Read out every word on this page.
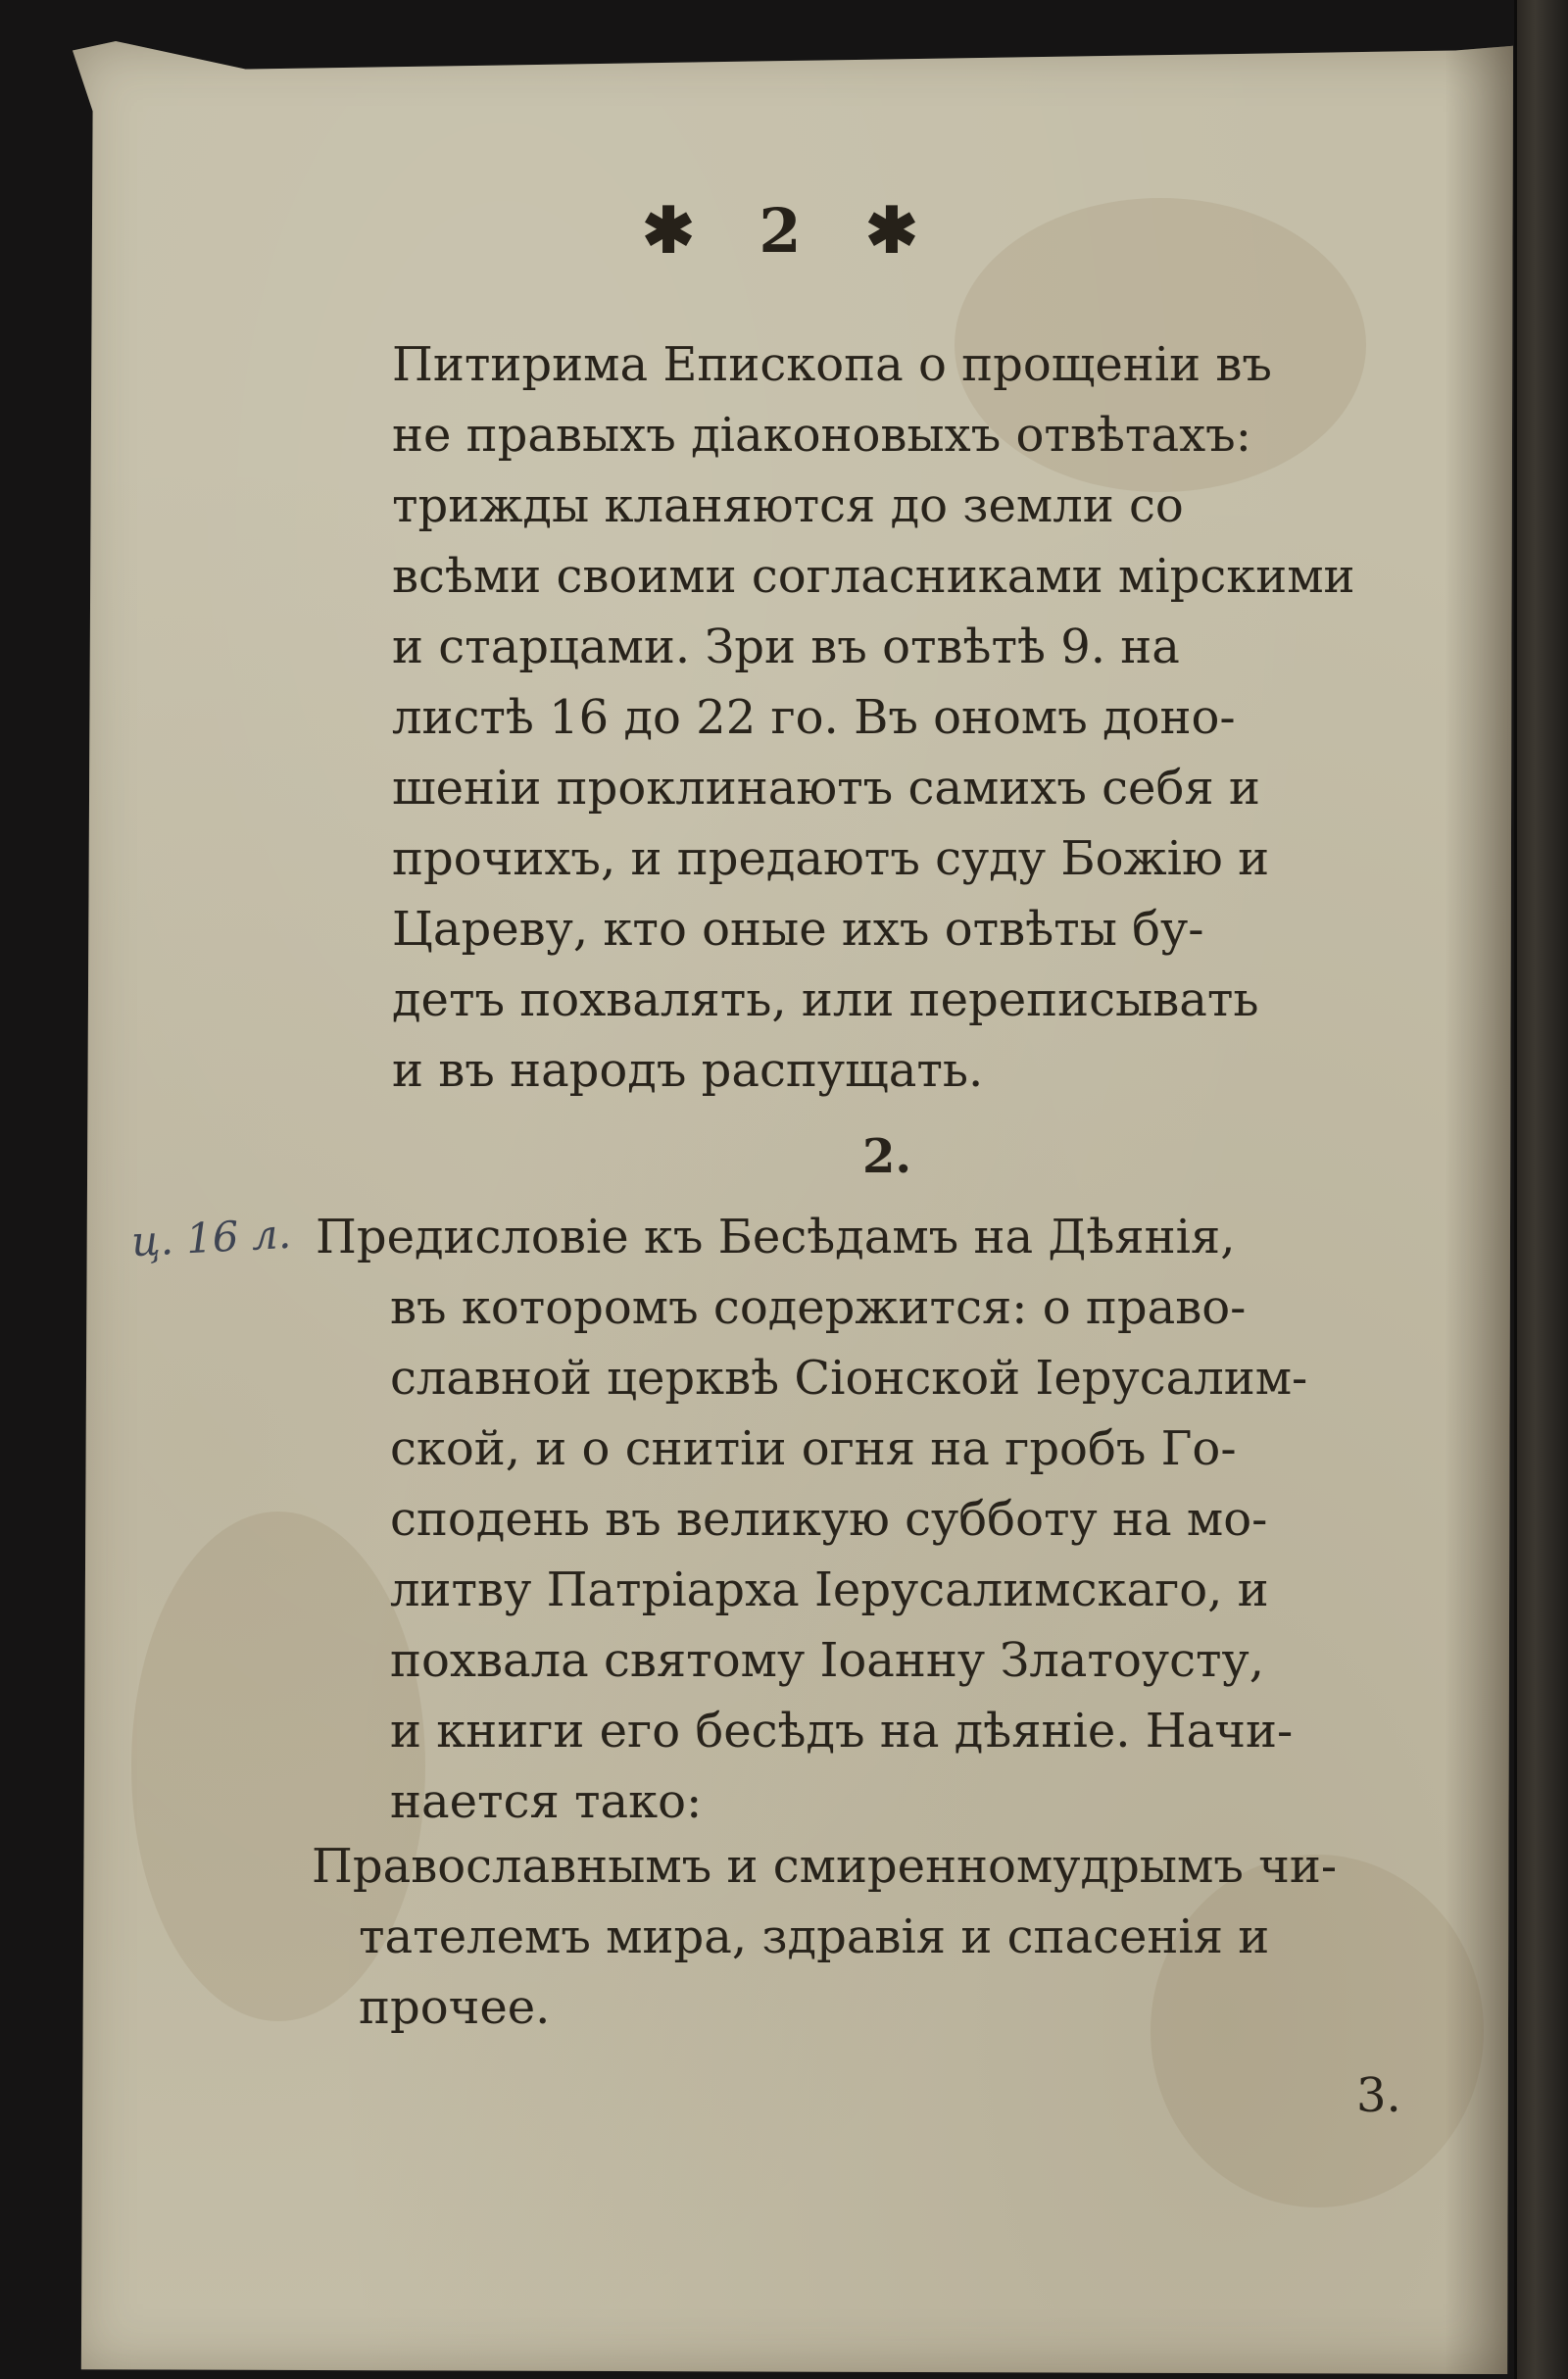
✱ 2 ✱
Питирима Епископа о прощенiи въ
не правыхъ дiаконовыхъ отвѣтахъ:
трижды кланяются до земли со
всѣми своими согласниками мiрскими
и старцами. Зри въ отвѣтѣ 9. на
листѣ 16 до 22 го. Въ ономъ доно-
шенiи проклинаютъ самихъ себя и
прочихъ, и предаютъ суду Божiю и
Цареву, кто оные ихъ отвѣты бу-
детъ похвалять, или переписывать
и въ народъ распущать.
2.
ц. 16 л. Предисловiе къ Бесѣдамъ на Дѣянiя,
въ которомъ содержится: о право-
славной церквѣ Сiонской Iерусалим-
ской, и о снитiи огня на гробъ Го-
сподень въ великую субботу на мо-
литву Патрiарха Iерусалимскаго, и
похвала святому Iоанну Златоусту,
и книги его бесѣдъ на дѣянiе. Начи-
нается тако:
Православнымъ и смиренномудрымъ чи-
тателемъ мира, здравiя и спасенiя и
прочее.
3.
